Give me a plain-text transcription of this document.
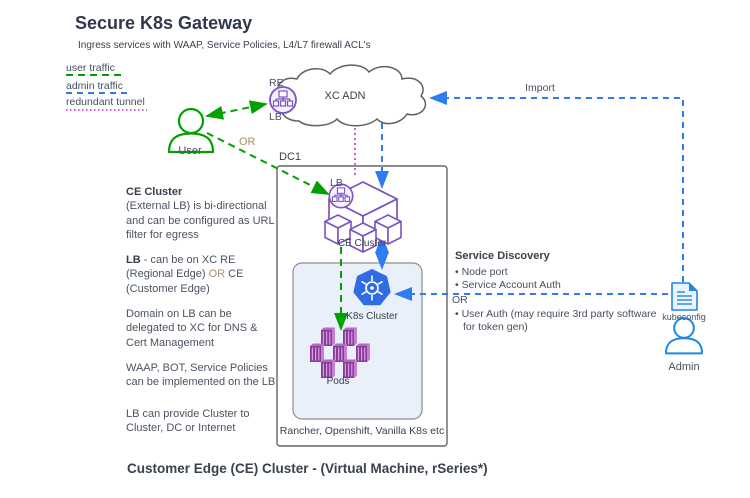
Secure K8s Gateway
Ingress services with WAAP, Service Policies, L4/L7 firewall ACL's
user traffic
admin traffic
redundant tunnel
User
OR
RE
LB
XC ADN
Import
DC1
LB
CE Cluster
K8s Cluster
Pods
Rancher, Openshift, Vanilla K8s etc
kubeconfig
Admin

CE Cluster
(External LB) is bi-directional and can be configured as URL filter for egress

LB - can be on XC RE (Regional Edge) OR CE (Customer Edge)

Domain on LB can be delegated to XC for DNS & Cert Management

WAAP, BOT, Service Policies can be implemented on the LB

LB can provide Cluster to Cluster, DC or Internet

Service Discovery
• Node port
• Service Account Auth
OR
• User Auth (may require 3rd party software for token gen)
Customer Edge (CE) Cluster - (Virtual Machine, rSeries*)
